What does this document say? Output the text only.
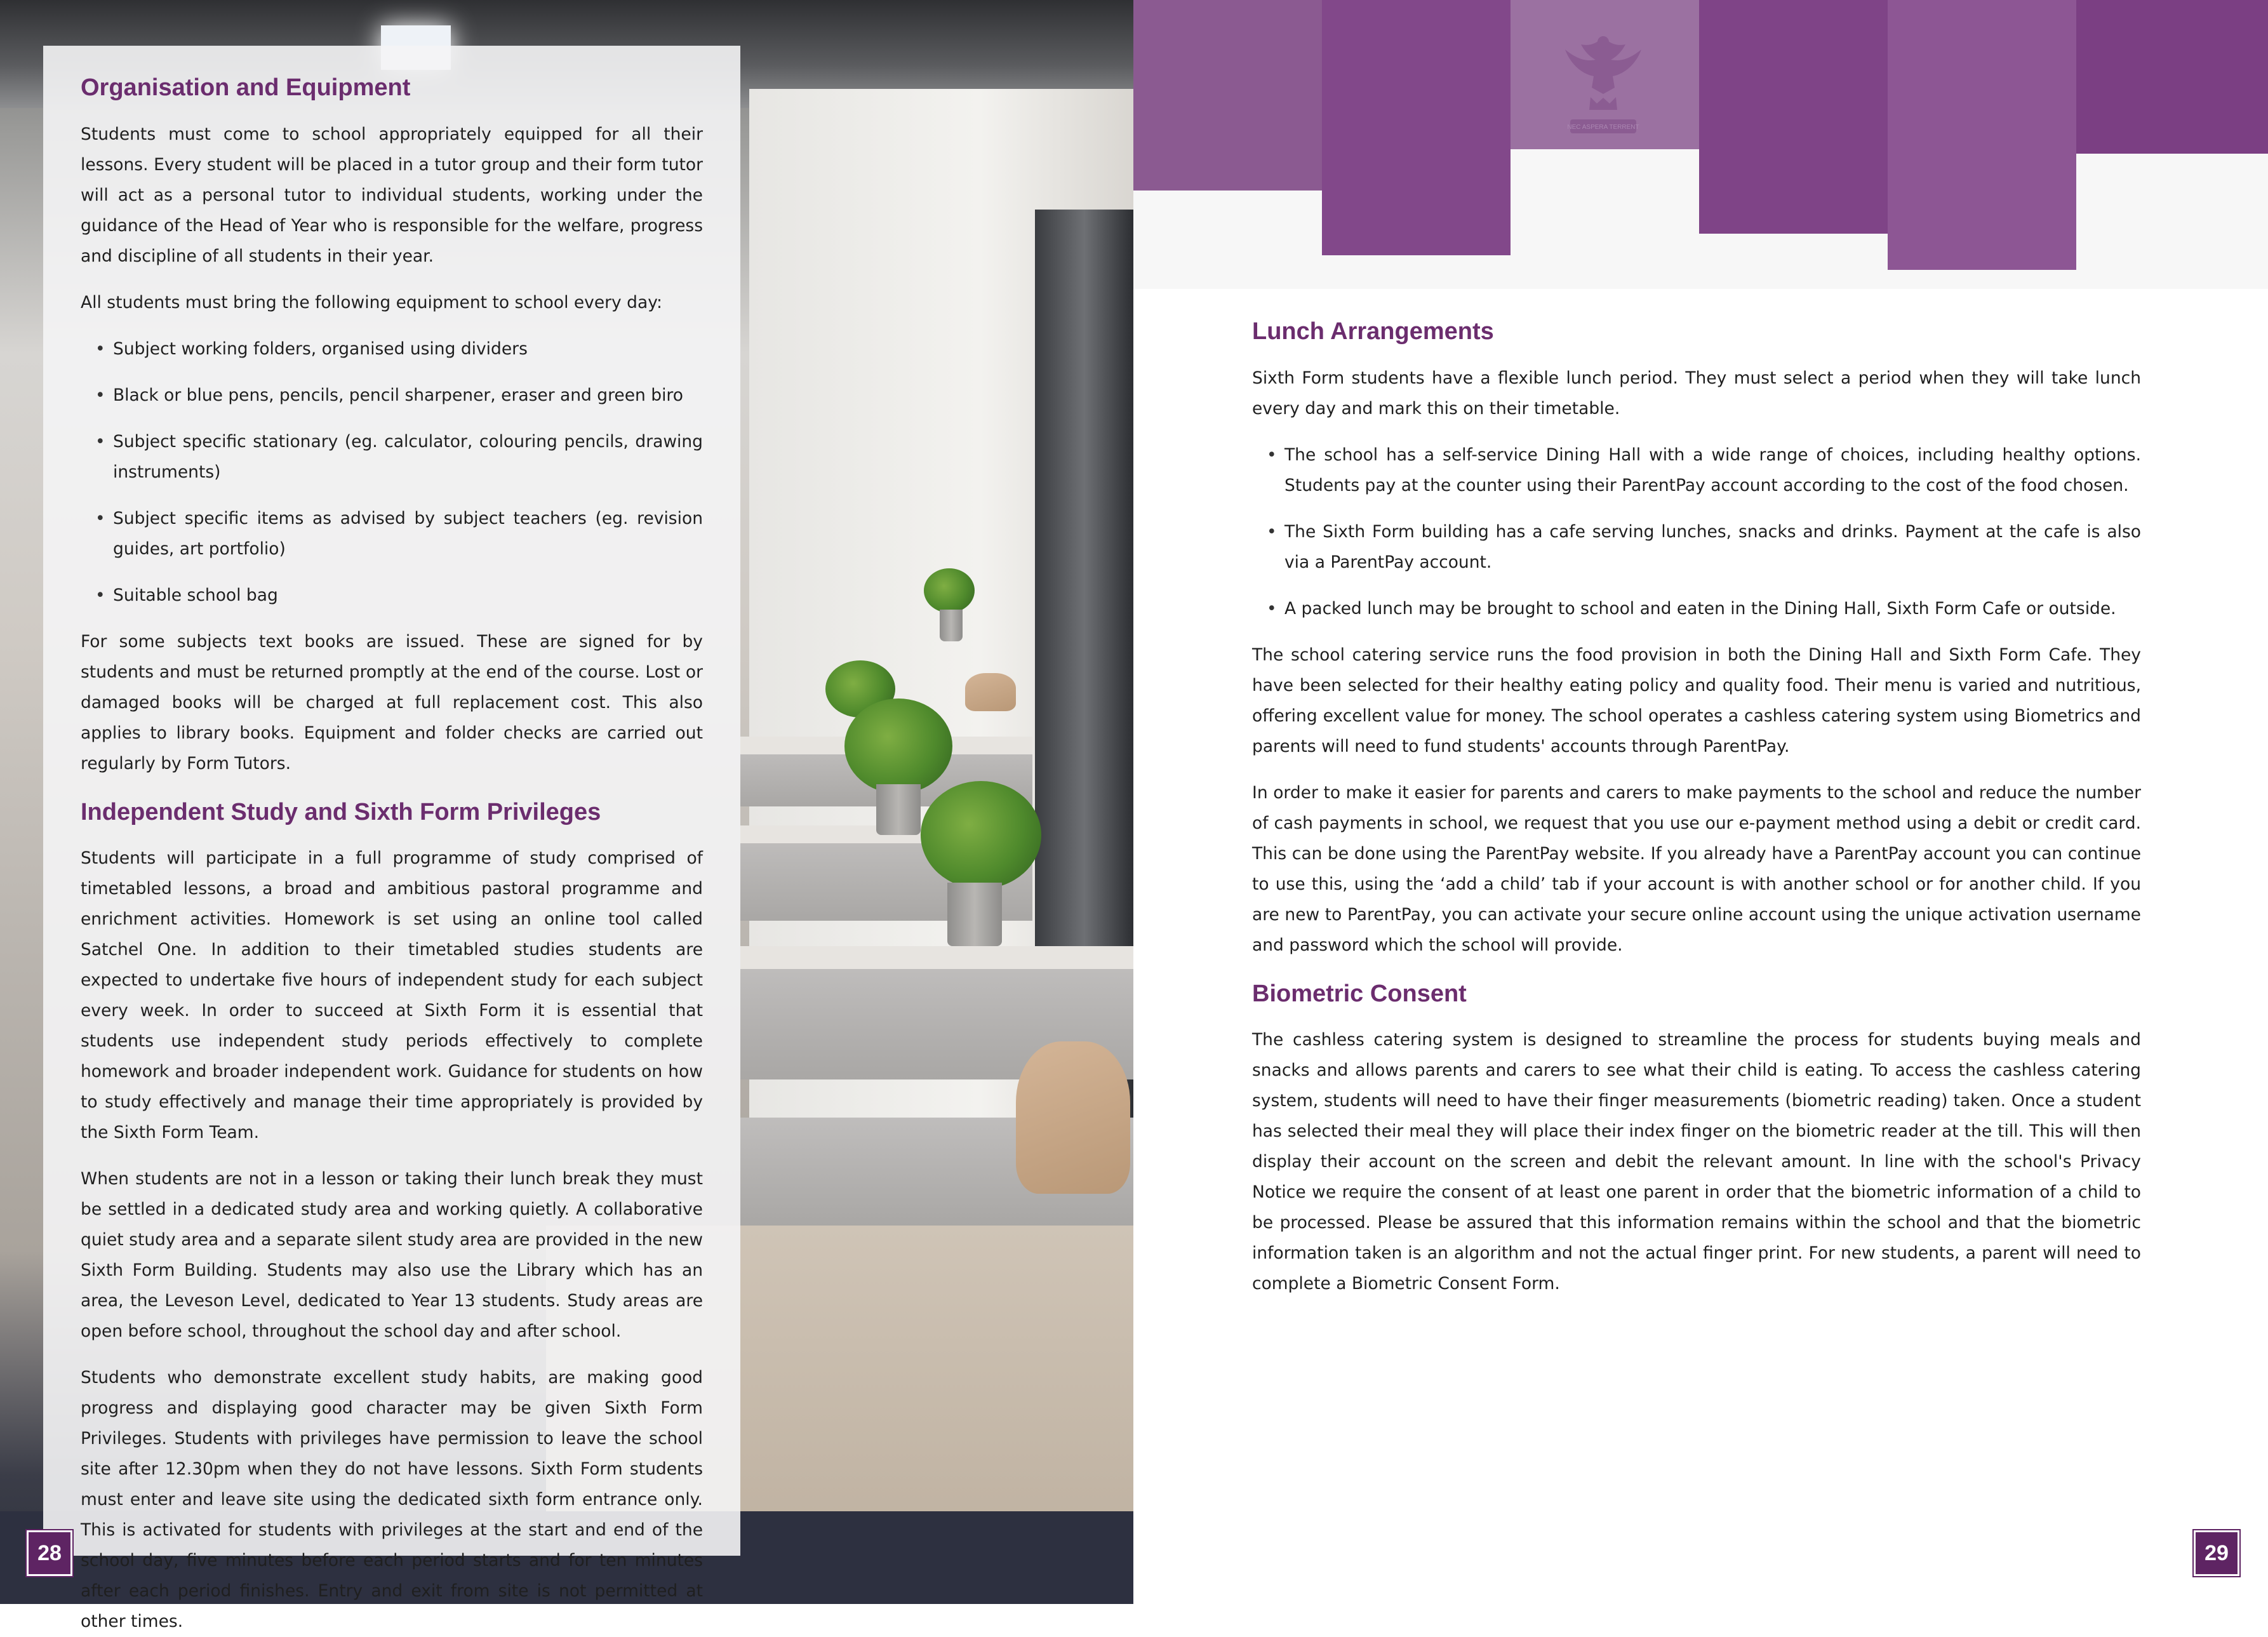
Organisation and Equipment

Students must come to school appropriately equipped for all their lessons. Every student will be placed in a tutor group and their form tutor will act as a personal tutor to individual students, working under the guidance of the Head of Year who is responsible for the welfare, progress and discipline of all students in their year.

All students must bring the following equipment to school every day:

• Subject working folders, organised using dividers
• Black or blue pens, pencils, pencil sharpener, eraser and green biro
• Subject specific stationary (eg. calculator, colouring pencils, drawing instruments)
• Subject specific items as advised by subject teachers (eg. revision guides, art portfolio)
• Suitable school bag

For some subjects text books are issued. These are signed for by students and must be returned promptly at the end of the course. Lost or damaged books will be charged at full replacement cost. This also applies to library books. Equipment and folder checks are carried out regularly by Form Tutors.

Independent Study and Sixth Form Privileges

Students will participate in a full programme of study comprised of timetabled lessons, a broad and ambitious pastoral programme and enrichment activities. Homework is set using an online tool called Satchel One. In addition to their timetabled studies students are expected to undertake five hours of independent study for each subject every week. In order to succeed at Sixth Form it is essential that students use independent study periods effectively to complete homework and broader independent work. Guidance for students on how to study effectively and manage their time appropriately is provided by the Sixth Form Team.

When students are not in a lesson or taking their lunch break they must be settled in a dedicated study area and working quietly. A collaborative quiet study area and a separate silent study area are provided in the new Sixth Form Building. Students may also use the Library which has an area, the Leveson Level, dedicated to Year 13 students. Study areas are open before school, throughout the school day and after school.

Students who demonstrate excellent study habits, are making good progress and displaying good character may be given Sixth Form Privileges. Students with privileges have permission to leave the school site after 12.30pm when they do not have lessons. Sixth Form students must enter and leave site using the dedicated sixth form entrance only. This is activated for students with privileges at the start and end of the school day, five minutes before each period starts and for ten minutes after each period finishes. Entry and exit from site is not permitted at other times.

28
NEC ASPERA TERRENT
Lunch Arrangements

Sixth Form students have a flexible lunch period. They must select a period when they will take lunch every day and mark this on their timetable.

• The school has a self-service Dining Hall with a wide range of choices, including healthy options. Students pay at the counter using their ParentPay account according to the cost of the food chosen.
• The Sixth Form building has a cafe serving lunches, snacks and drinks. Payment at the cafe is also via a ParentPay account.
• A packed lunch may be brought to school and eaten in the Dining Hall, Sixth Form Cafe or outside.

The school catering service runs the food provision in both the Dining Hall and Sixth Form Cafe. They have been selected for their healthy eating policy and quality food. Their menu is varied and nutritious, offering excellent value for money. The school operates a cashless catering system using Biometrics and parents will need to fund students' accounts through ParentPay.

In order to make it easier for parents and carers to make payments to the school and reduce the number of cash payments in school, we request that you use our e-payment method using a debit or credit card. This can be done using the ParentPay website. If you already have a ParentPay account you can continue to use this, using the ‘add a child’ tab if your account is with another school or for another child. If you are new to ParentPay, you can activate your secure online account using the unique activation username and password which the school will provide.

Biometric Consent

The cashless catering system is designed to streamline the process for students buying meals and snacks and allows parents and carers to see what their child is eating. To access the cashless catering system, students will need to have their finger measurements (biometric reading) taken. Once a student has selected their meal they will place their index finger on the biometric reader at the till. This will then display their account on the screen and debit the relevant amount. In line with the school's Privacy Notice we require the consent of at least one parent in order that the biometric information of a child to be processed. Please be assured that this information remains within the school and that the biometric information taken is an algorithm and not the actual finger print. For new students, a parent will need to complete a Biometric Consent Form.

29
